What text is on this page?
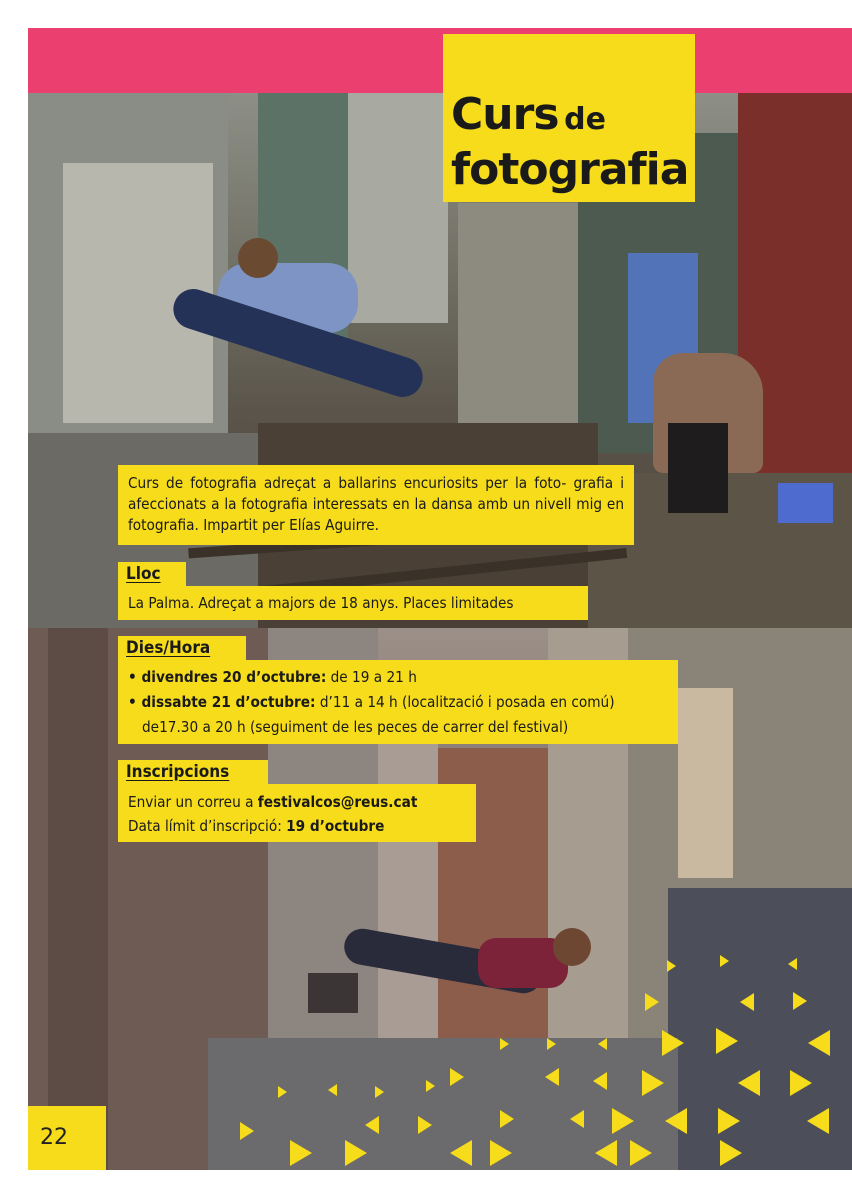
Curs de
fotografia
Curs de fotografia adreçat a ballarins encuriosits per la foto- grafia i afeccionats a la fotografia interessats en la dansa amb un nivell mig en fotografia. Impartit per Elías Aguirre.
Lloc
La Palma. Adreçat a majors de 18 anys. Places limitades
Dies/Hora
• divendres 20 d’octubre: de 19 a 21 h
• dissabte 21 d’octubre: d’11 a 14 h (localització i posada en comú)
de17.30 a 20 h (seguiment de les peces de carrer del festival)
Inscripcions
Enviar un correu a festivalcos@reus.cat
Data límit d’inscripció: 19 d’octubre
22
